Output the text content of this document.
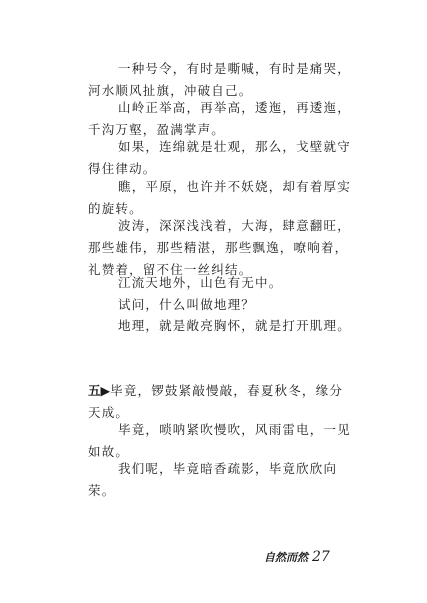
一种号令，有时是嘶喊，有时是痛哭，
河水顺风扯旗，冲破自己。
山岭正举高，再举高，逶迤，再逶迤，
千沟万壑，盈满掌声。
如果，连绵就是壮观，那么，戈壁就守
得住律动。
瞧，平原，也许并不妖娆，却有着厚实
的旋转。
波涛，深深浅浅着，大海，肆意翻旺，
那些雄伟，那些精湛，那些飘逸，嘹响着，
礼赞着，留不住一丝纠结。
江流天地外，山色有无中。
试问，什么叫做地理？
地理，就是敞亮胸怀，就是打开肌理。
五▶毕竟，锣鼓紧敲慢敲，春夏秋冬，缘分
天成。
毕竟，唢呐紧吹慢吹，风雨雷电，一见
如故。
我们呢，毕竟暗香疏影，毕竟欣欣向
荣。
自然而然 27
